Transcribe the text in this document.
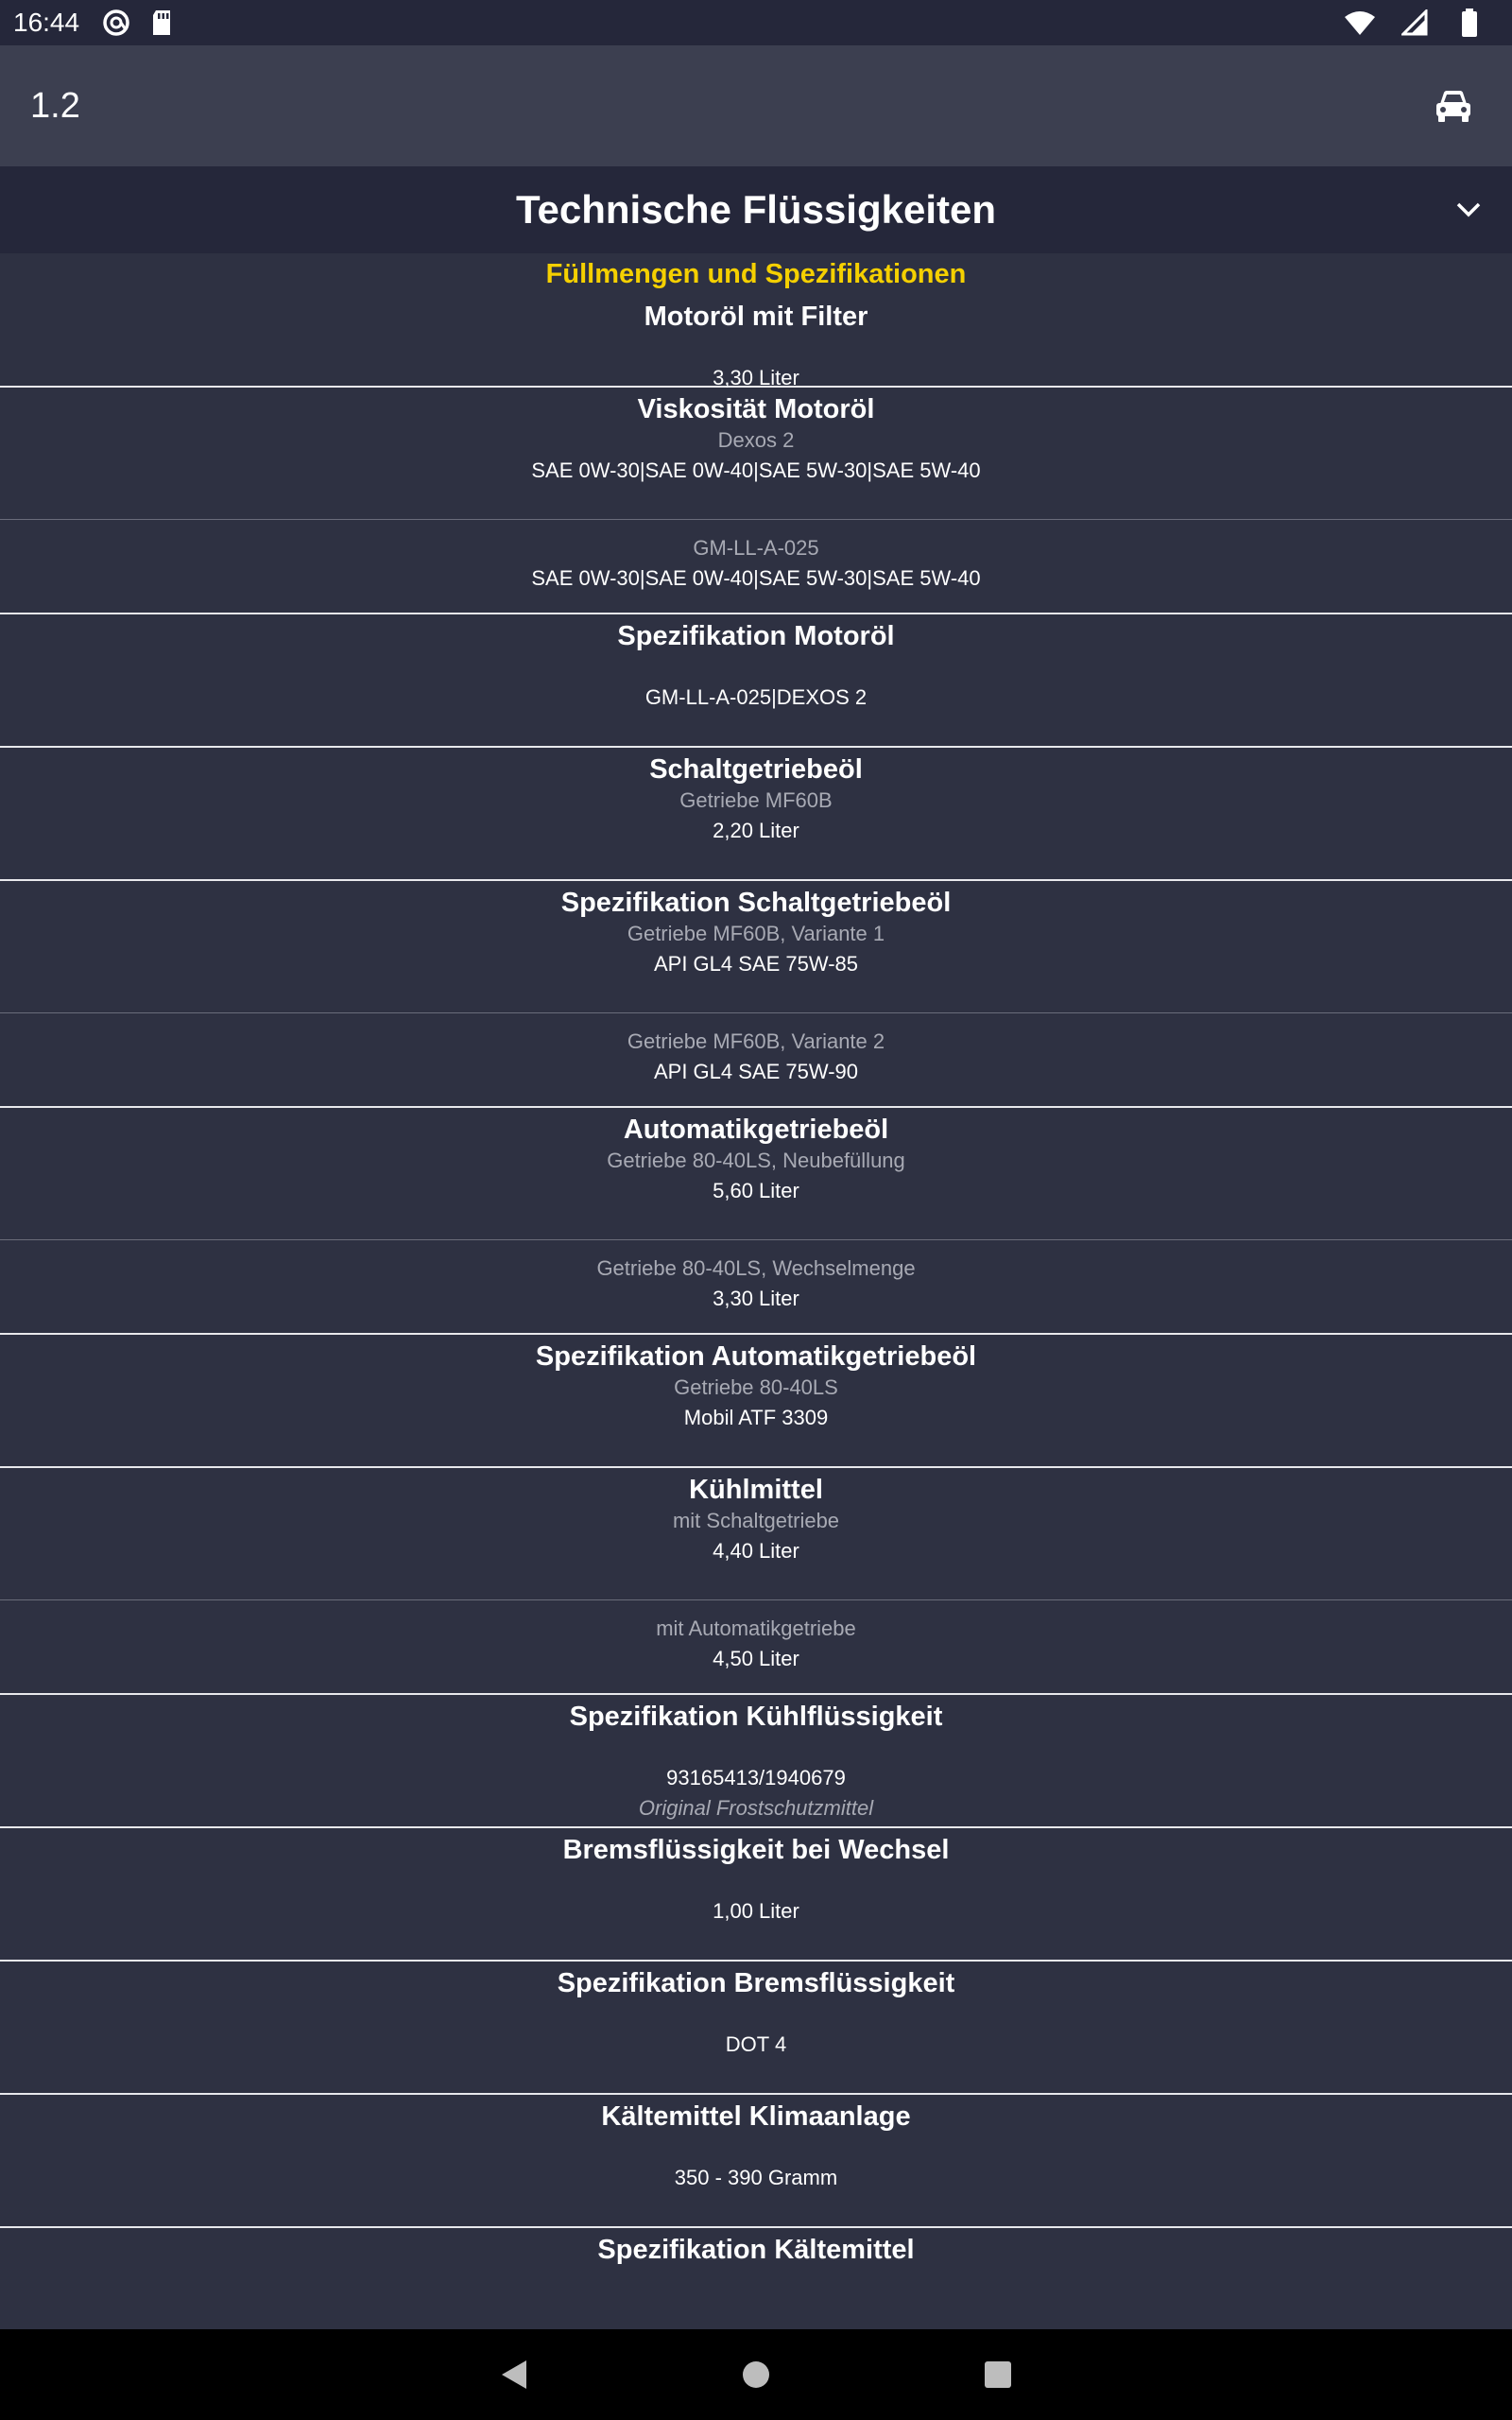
16:44
1.2
Technische Flüssigkeiten
Füllmengen und Spezifikationen
Motoröl mit Filter
3,30 Liter
Viskosität Motoröl
Dexos 2
SAE 0W-30|SAE 0W-40|SAE 5W-30|SAE 5W-40
GM-LL-A-025
SAE 0W-30|SAE 0W-40|SAE 5W-30|SAE 5W-40
Spezifikation Motoröl
GM-LL-A-025|DEXOS 2
Schaltgetriebeöl
Getriebe MF60B
2,20 Liter
Spezifikation Schaltgetriebeöl
Getriebe MF60B, Variante 1
API GL4 SAE 75W-85
Getriebe MF60B, Variante 2
API GL4 SAE 75W-90
Automatikgetriebeöl
Getriebe 80-40LS, Neubefüllung
5,60 Liter
Getriebe 80-40LS, Wechselmenge
3,30 Liter
Spezifikation Automatikgetriebeöl
Getriebe 80-40LS
Mobil ATF 3309
Kühlmittel
mit Schaltgetriebe
4,40 Liter
mit Automatikgetriebe
4,50 Liter
Spezifikation Kühlflüssigkeit
93165413/1940679
Original Frostschutzmittel
Bremsflüssigkeit bei Wechsel
1,00 Liter
Spezifikation Bremsflüssigkeit
DOT 4
Kältemittel Klimaanlage
350 - 390 Gramm
Spezifikation Kältemittel
